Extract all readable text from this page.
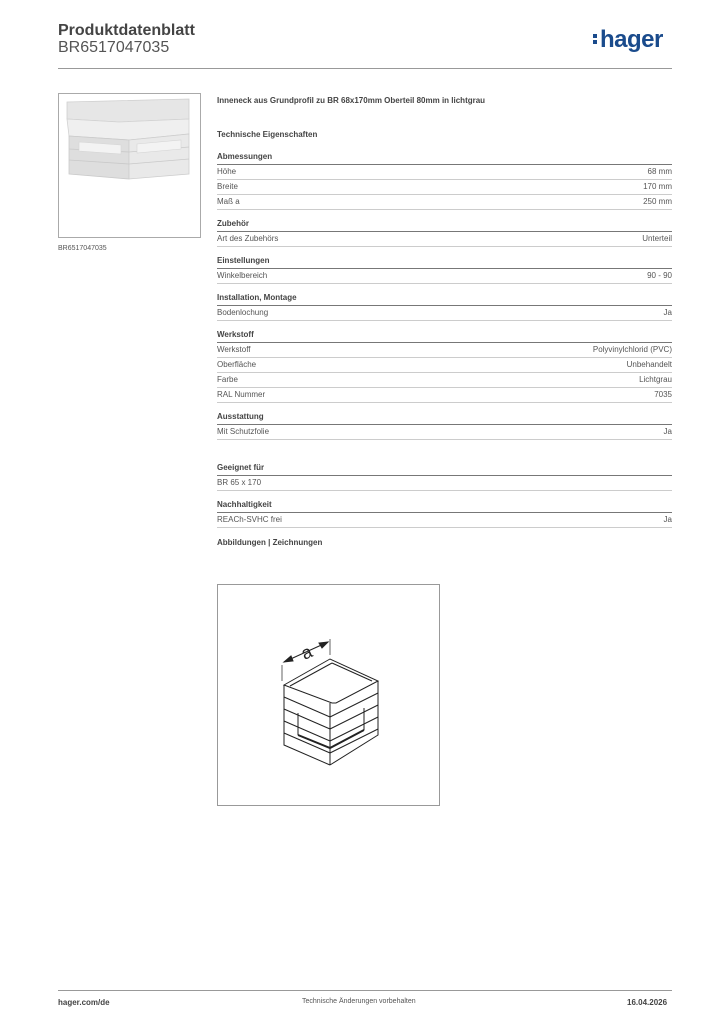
Produktdatenblatt
BR6517047035	hager
BR6517047035
Inneneck aus Grundprofil zu BR 68x170mm Oberteil 80mm in lichtgrau
Technische Eigenschaften
Abmessungen
Höhe	68 mm
Breite	170 mm
Maß a	250 mm
Zubehör
Art des Zubehörs	Unterteil
Einstellungen
Winkelbereich	90 - 90
Installation, Montage
Bodenlochung	Ja
Werkstoff
Werkstoff	Polyvinylchlorid (PVC)
Oberfläche	Unbehandelt
Farbe	Lichtgrau
RAL Nummer	7035
Ausstattung
Mit Schutzfolie	Ja
Geeignet für
BR 65 x 170
Nachhaltigkeit
REACh-SVHC frei	Ja
Abbildungen | Zeichnungen
a
hager.com/de	Technische Änderungen vorbehalten	16.04.2026
